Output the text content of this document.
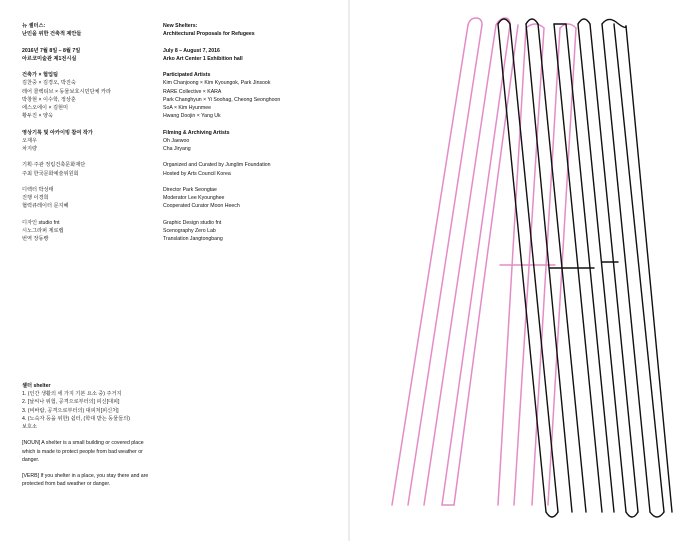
뉴 셸터스:

난민을 위한 건축적 제안들

2016년 7월 8일 – 8월 7일

아르코미술관 제1전시실

건축가 × 협업팀

김찬중 × 김경오, 박진숙

레어 콜렉티브 × 동물보호시민단체 카라

박창현 × 이수학, 정상훈

에스오에이 × 김현미

황두진 × 양욱

영상기록 및 아카이빙 참여 작가

오재우

차지량

기획·주관 정림건축문화재단

주최 한국문화예술위원회

디렉터 박성태

진행 이경희

협력큐레이터 문지혜

디자인 studio fnt

시노그라퍼 제로랩

번역 장동빵

New Shelters:

Architectural Proposals for Refugees

July 8 – August 7, 2016

Arko Art Center 1 Exhibition hall

Participated Artists

Kim Chanjoong × Kim Kyoungok, Park Jinsook

RARE Collective × KARA

Park Changhyun × Yi Soohag, Cheong Seonghoon

SoA × Kim Hyunmee

Hwang Doojin × Yang Uk

Filming & Archiving Artists

Oh Jaewoo

Cha Jiryang

Organized and Curated by Junglim Foundation

Hosted by Arts Council Korea

Director Park Seongtae

Moderator Lee Kyounghee

Cooperated Curator Moon Heech

Graphic Design studio fnt

Scenography Zero Lab

Translation Jangtongbang

셸터 shelter

1. (인간 생활의 세 가지 기본 요소 중) 주거지

2. [날씨나 위험, 공격으로부터의] 피신[대피]

3. (비바람, 공격으로부터의) 대피처[피신처]

4. (노숙자 등을 위한) 쉼터, (학대 받는 동물들의)

보호소

[NOUN] A shelter is a small building or covered place which is made to protect people from bad weather or danger.

[VERB] If you shelter in a place, you stay there and are protected from bad weather or danger.
